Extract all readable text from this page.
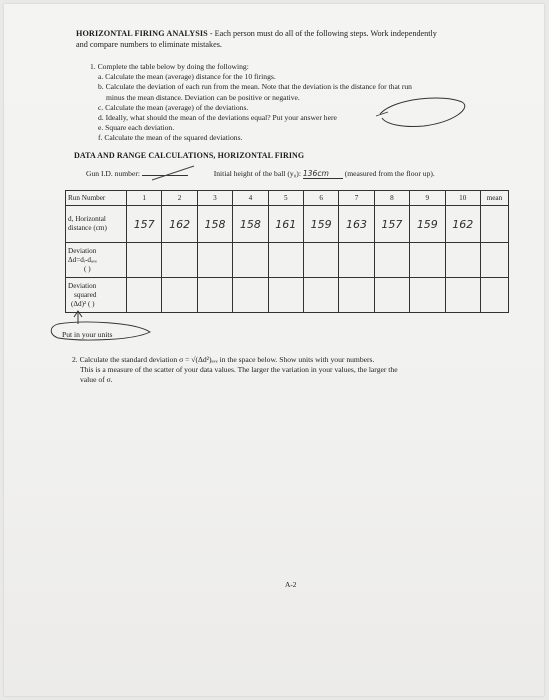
HORIZONTAL FIRING ANALYSIS - Each person must do all of the following steps. Work independently
and compare numbers to eliminate mistakes.
1. Complete the table below by doing the following:
a. Calculate the mean (average) distance for the 10 firings.
b. Calculate the deviation of each run from the mean. Note that the deviation is the distance for that run
minus the mean distance. Deviation can be positive or negative.
c. Calculate the mean (average) of the deviations.
d. Ideally, what should the mean of the deviations equal? Put your answer here
e. Square each deviation.
f. Calculate the mean of the squared deviations.
DATA AND RANGE CALCULATIONS, HORIZONTAL FIRING
Gun I.D. number:	Initial height of the ball (y₀): 136cm (measured from the floor up).
Run Number	1	2	3	4	5	6	7	8	9	10	mean
d, Horizontal
distance (cm)	157	162	158	158	161	159	163	157	159	162	
Deviation
Δd=dᵢ-dₐᵥₑ
( )											
Deviation
squared
(Δd)² ( )											
Put in your units
2. Calculate the standard deviation σ = √(Δd²)ₐᵥₑ in the space below. Show units with your numbers.
This is a measure of the scatter of your data values. The larger the variation in your values, the larger the
value of σ.
A-2
